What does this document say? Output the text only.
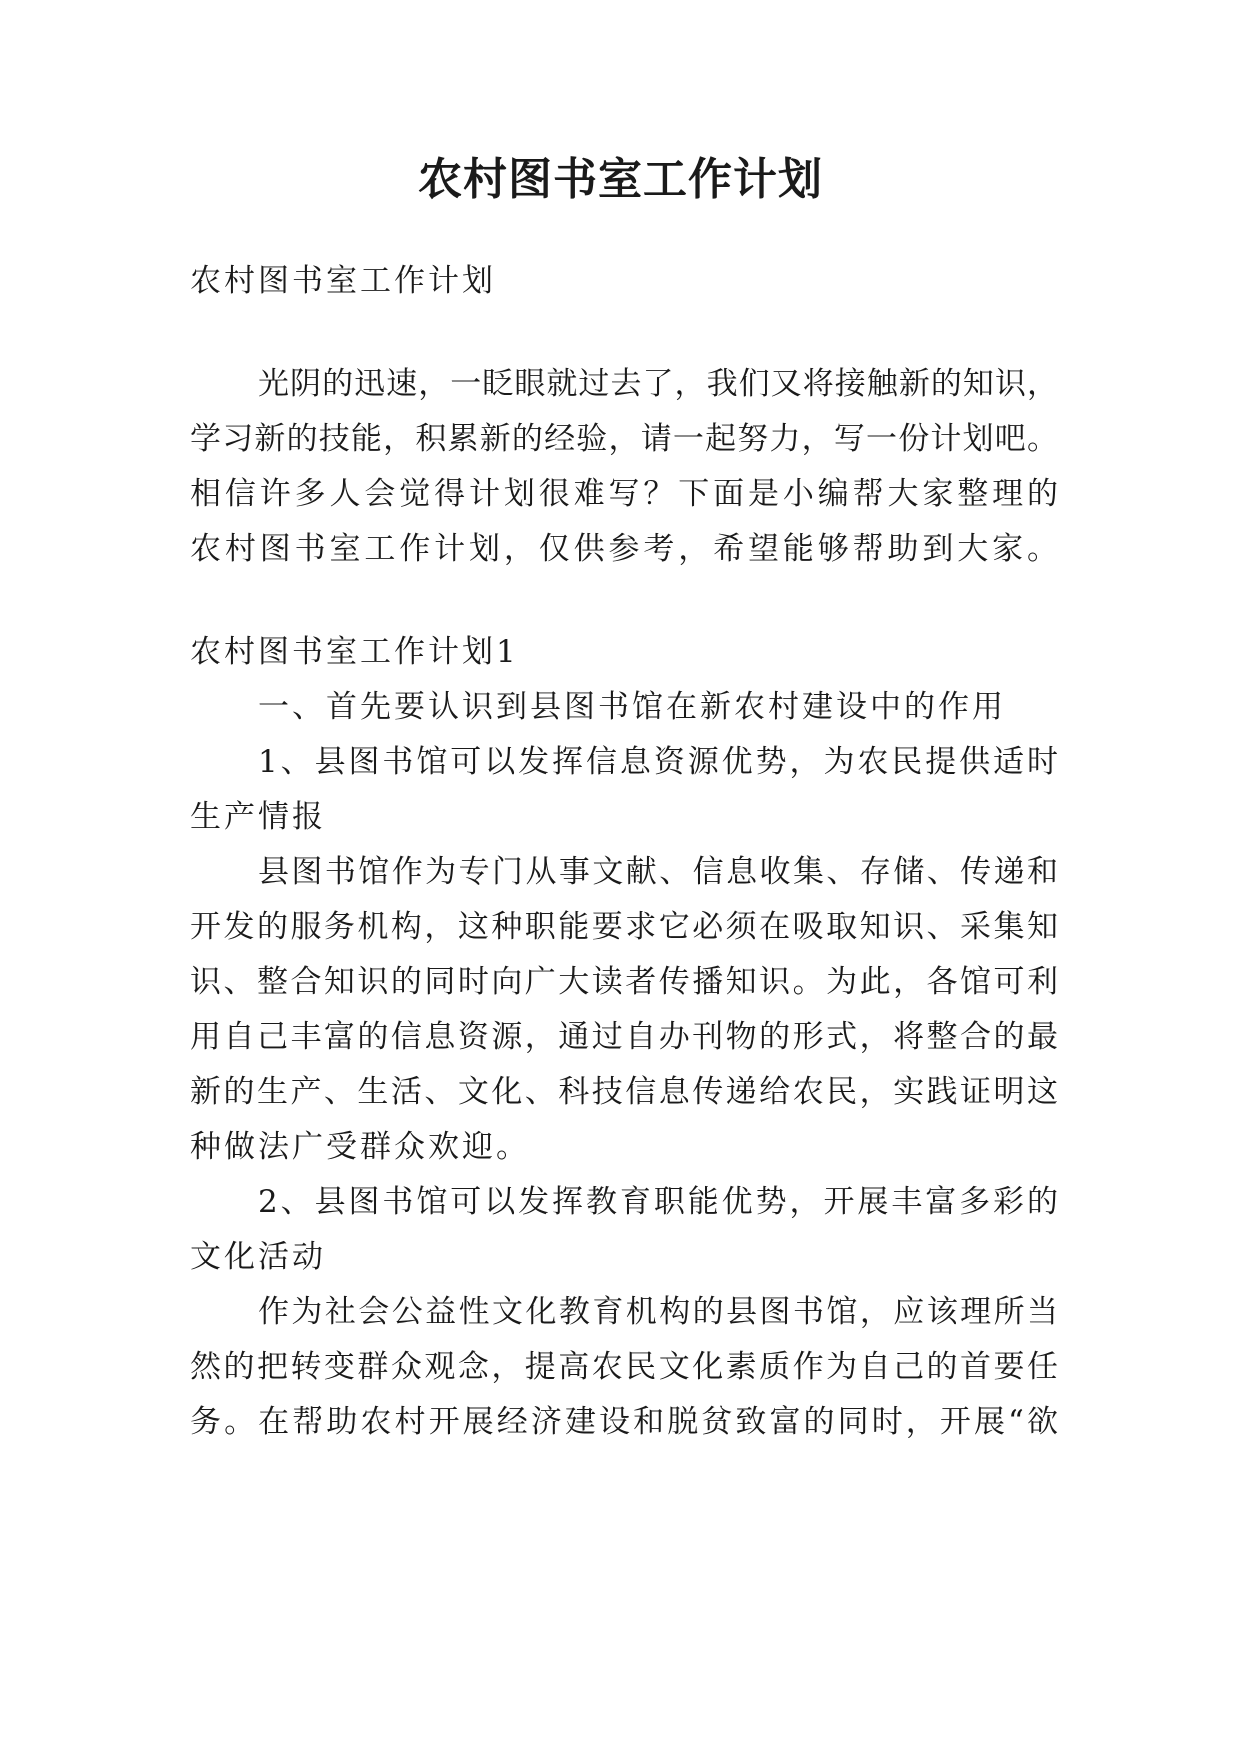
农村图书室工作计划
农村图书室工作计划
光阴的迅速，一眨眼就过去了，我们又将接触新的知识，
学习新的技能，积累新的经验，请一起努力，写一份计划吧。
相信许多人会觉得计划很难写？下面是小编帮大家整理的
农村图书室工作计划，仅供参考，希望能够帮助到大家。
农村图书室工作计划1
一、首先要认识到县图书馆在新农村建设中的作用
1、县图书馆可以发挥信息资源优势，为农民提供适时
生产情报
县图书馆作为专门从事文献、信息收集、存储、传递和
开发的服务机构，这种职能要求它必须在吸取知识、采集知
识、整合知识的同时向广大读者传播知识。为此，各馆可利
用自己丰富的信息资源，通过自办刊物的形式，将整合的最
新的生产、生活、文化、科技信息传递给农民，实践证明这
种做法广受群众欢迎。
2、县图书馆可以发挥教育职能优势，开展丰富多彩的
文化活动
作为社会公益性文化教育机构的县图书馆，应该理所当
然的把转变群众观念，提高农民文化素质作为自己的首要任
务。在帮助农村开展经济建设和脱贫致富的同时，开展“欲
